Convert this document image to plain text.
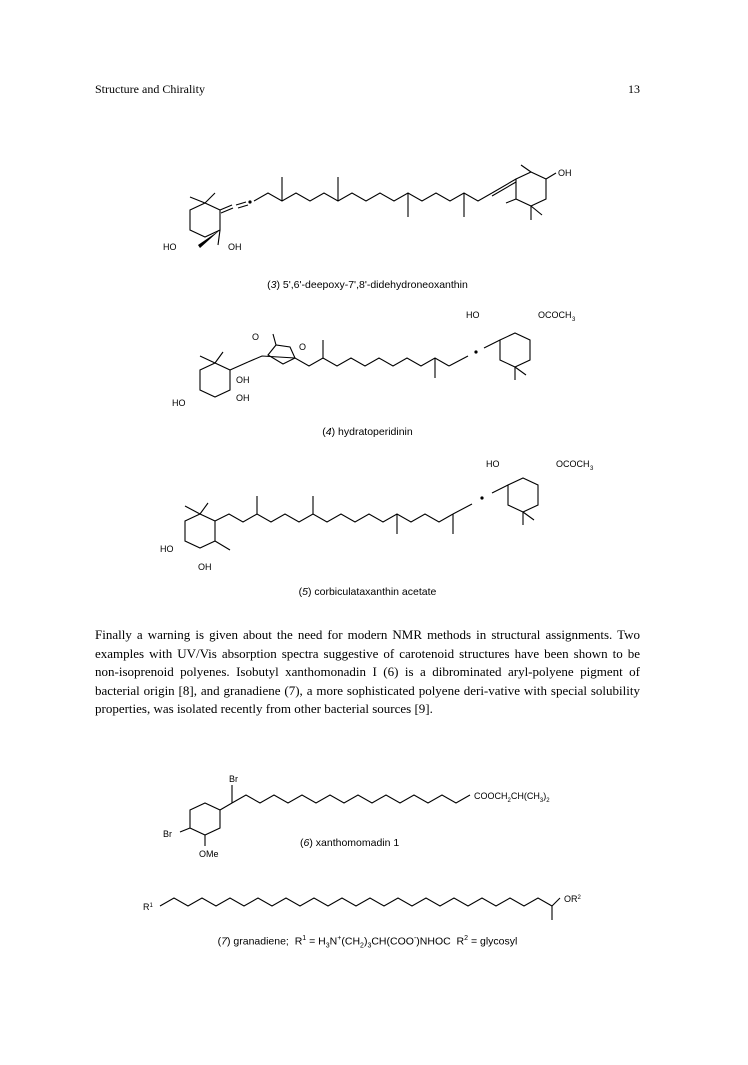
Structure and Chirality	13
HO	OH
OH
(3) 5',6'-deepoxy-7',8'-didehydroneoxanthin
O
O
OH
OH
HO
HO	OCOCH 3
(4) hydratoperidinin
HO
OH
HO	OCOCH 3
(5) corbiculataxanthin acetate

Finally a warning is given about the need for modern NMR methods in structural assignments. Two examples with UV/Vis absorption spectra suggestive of carotenoid structures have been shown to be non-isoprenoid polyenes. Isobutyl xanthomonadin I (6) is a dibrominated aryl-polyene pigment of bacterial origin [8], and granadiene (7), a more sophisticated polyene deri-vative with special solubility properties, was isolated recently from other bacterial sources [9].

Br
Br
OMe
$COOCH_2CH(CH_3)_2$
(6) xanthomomadin 1
$R^1$
$OR^2$
(7) granadiene; $R^1$ = $H_3N^+(CH_2)_3CH(COO^-)NHOC$ $R^2$ = glycosyl
